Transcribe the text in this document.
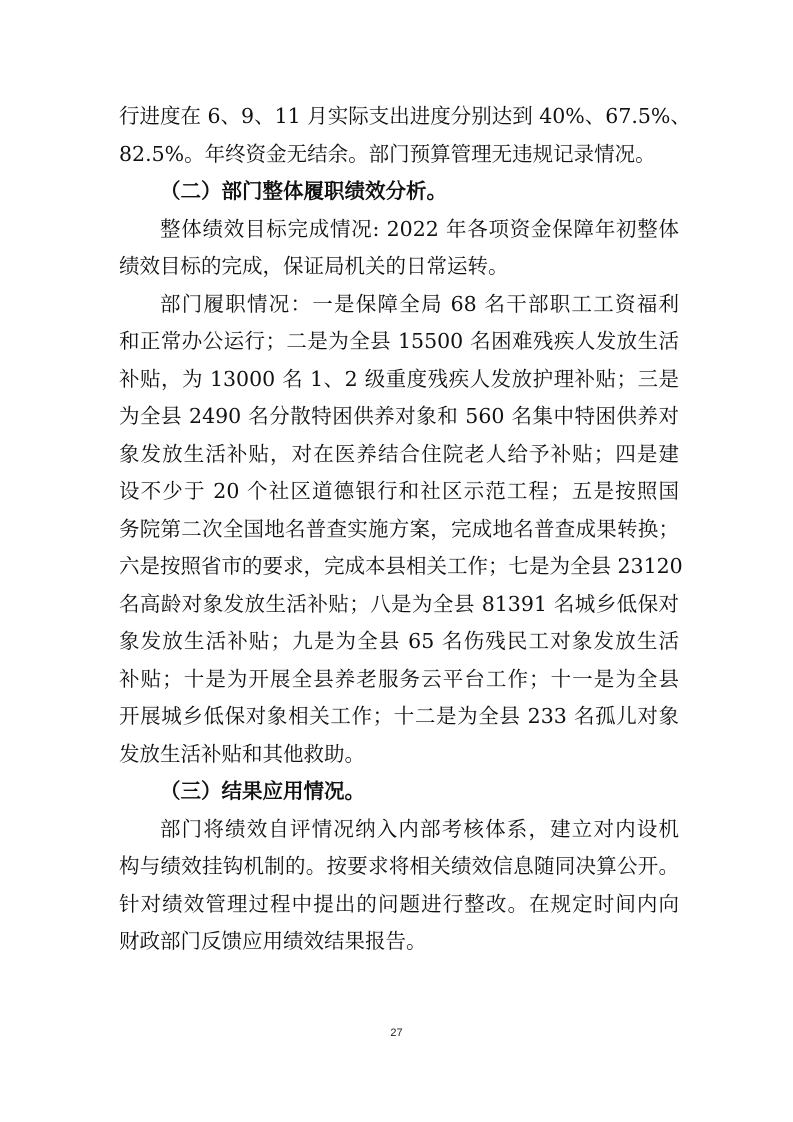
行进度在 6、9、11 月实际支出进度分别达到 40%、67.5%、
82.5%。年终资金无结余。部门预算管理无违规记录情况。
（二）部门整体履职绩效分析。
整体绩效目标完成情况: 2022 年各项资金保障年初整体
绩效目标的完成，保证局机关的日常运转。
部门履职情况：一是保障全局 68 名干部职工工资福利
和正常办公运行；二是为全县 15500 名困难残疾人发放生活
补贴，为 13000 名 1、2 级重度残疾人发放护理补贴；三是
为全县 2490 名分散特困供养对象和 560 名集中特困供养对
象发放生活补贴，对在医养结合住院老人给予补贴；四是建
设不少于 20 个社区道德银行和社区示范工程；五是按照国
务院第二次全国地名普查实施方案，完成地名普查成果转换；
六是按照省市的要求，完成本县相关工作；七是为全县 23120
名高龄对象发放生活补贴；八是为全县 81391 名城乡低保对
象发放生活补贴；九是为全县 65 名伤残民工对象发放生活
补贴；十是为开展全县养老服务云平台工作；十一是为全县
开展城乡低保对象相关工作；十二是为全县 233 名孤儿对象
发放生活补贴和其他救助。
（三）结果应用情况。
部门将绩效自评情况纳入内部考核体系，建立对内设机
构与绩效挂钩机制的。按要求将相关绩效信息随同决算公开。
针对绩效管理过程中提出的问题进行整改。在规定时间内向
财政部门反馈应用绩效结果报告。
27
